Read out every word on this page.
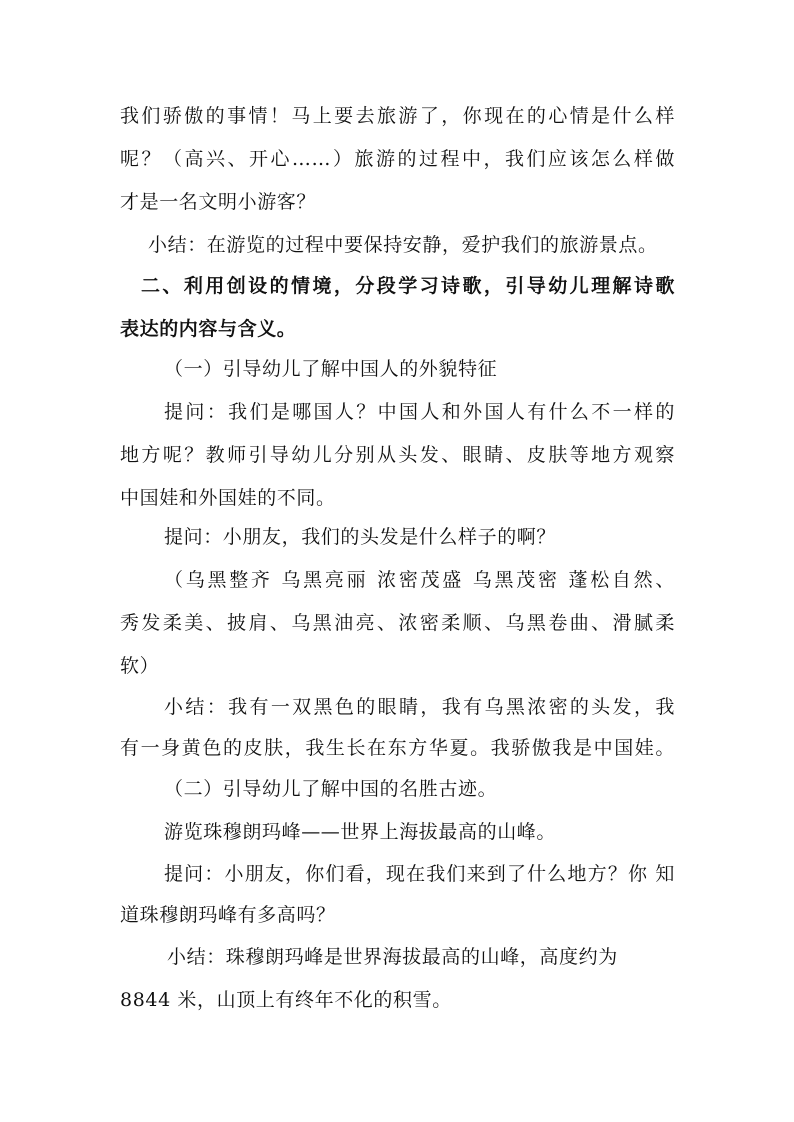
我们骄傲的事情！马上要去旅游了，你现在的心情是什么样
呢？（高兴、开心……）旅游的过程中，我们应该怎么样做
才是一名文明小游客？
小结：在游览的过程中要保持安静，爱护我们的旅游景点。
二、利用创设的情境，分段学习诗歌，引导幼儿理解诗歌
表达的内容与含义。
（一）引导幼儿了解中国人的外貌特征
提问：我们是哪国人？中国人和外国人有什么不一样的
地方呢？教师引导幼儿分别从头发、眼睛、皮肤等地方观察
中国娃和外国娃的不同。
提问：小朋友，我们的头发是什么样子的啊？
（乌黑整齐 乌黑亮丽 浓密茂盛 乌黑茂密 蓬松自然、
秀发柔美、披肩、乌黑油亮、浓密柔顺、乌黑卷曲、滑腻柔
软）
小结：我有一双黑色的眼睛，我有乌黑浓密的头发，我
有一身黄色的皮肤，我生长在东方华夏。我骄傲我是中国娃。
（二）引导幼儿了解中国的名胜古迹。
游览珠穆朗玛峰——世界上海拔最高的山峰。
提问：小朋友，你们看，现在我们来到了什么地方？你 知
道珠穆朗玛峰有多高吗？
小结：珠穆朗玛峰是世界海拔最高的山峰，高度约为
8844 米，山顶上有终年不化的积雪。
